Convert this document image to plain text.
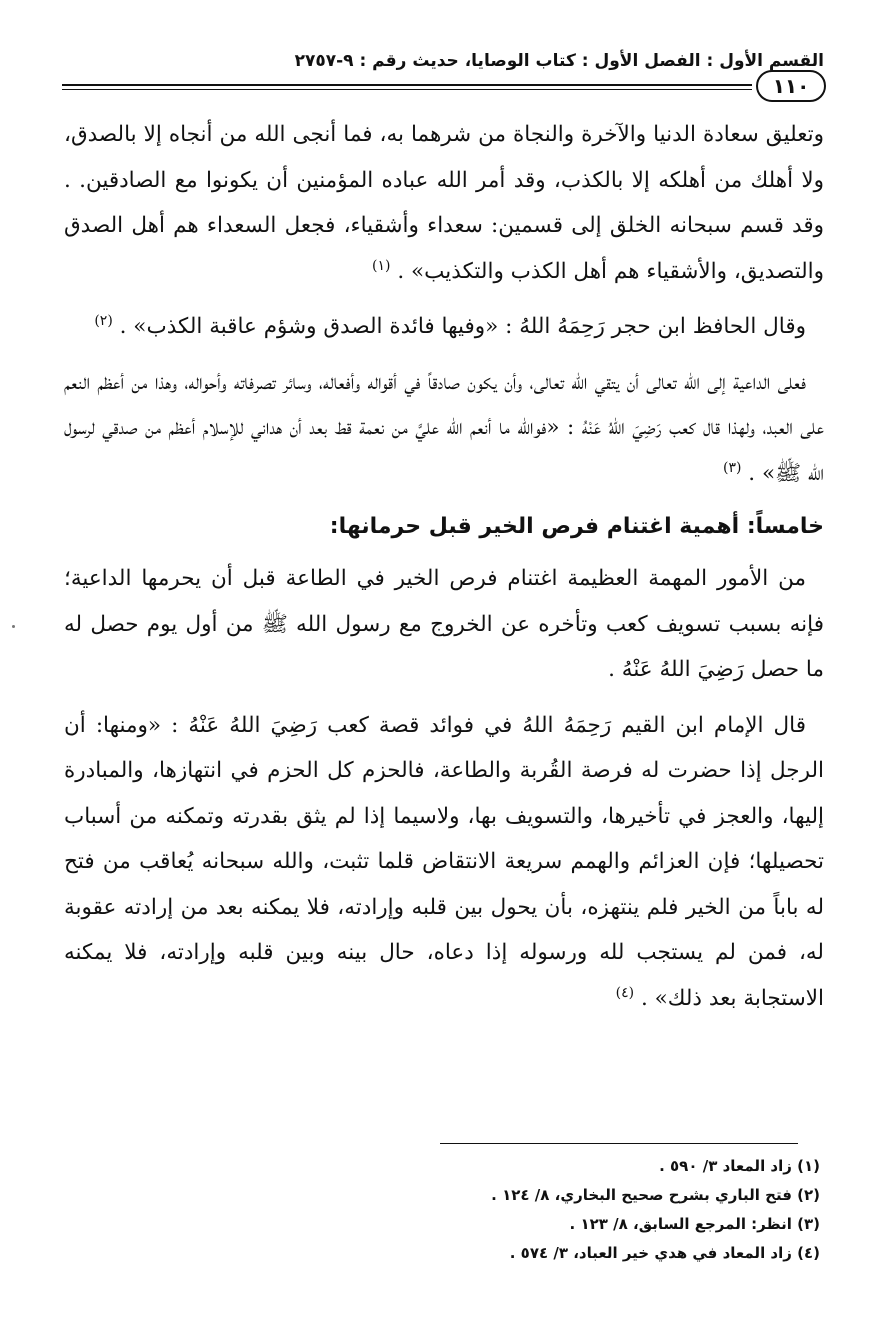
القسم الأول : الفصل الأول : كتاب الوصايا، حديث رقم : ٩-٢٧٥٧
١١٠

وتعليق سعادة الدنيا والآخرة والنجاة من شرهما به، فما أنجى الله من أنجاه إلا بالصدق، ولا أهلك من أهلكه إلا بالكذب، وقد أمر الله عباده المؤمنين أن يكونوا مع الصادقين. . وقد قسم سبحانه الخلق إلى قسمين: سعداء وأشقياء، فجعل السعداء هم أهل الصدق والتصديق، والأشقياء هم أهل الكذب والتكذيب» . $^{(١)}$

وقال الحافظ ابن حجر رَحِمَهُ اللهُ : «وفيها فائدة الصدق وشؤم عاقبة الكذب» . $^{(٢)}$

فعلى الداعية إلى الله تعالى أن يتقي الله تعالى، وأن يكون صادقاً في أقواله وأفعاله، وسائر تصرفاته وأحواله، وهذا من أعظم النعم على العبد، ولهذا قال كعب رَضِيَ اللهُ عَنْهُ : «فوالله ما أنعم الله عليَّ من نعمة قط بعد أن هداني للإسلام أعظم من صدقي لرسول الله ﷺ» . $^{(٣)}$

خامساً: أهمية اغتنام فرص الخير قبل حرمانها:

من الأمور المهمة العظيمة اغتنام فرص الخير في الطاعة قبل أن يحرمها الداعية؛ فإنه بسبب تسويف كعب وتأخره عن الخروج مع رسول الله ﷺ من أول يوم حصل له ما حصل رَضِيَ اللهُ عَنْهُ .

قال الإمام ابن القيم رَحِمَهُ اللهُ في فوائد قصة كعب رَضِيَ اللهُ عَنْهُ : «ومنها: أن الرجل إذا حضرت له فرصة القُربة والطاعة، فالحزم كل الحزم في انتهازها، والمبادرة إليها، والعجز في تأخيرها، والتسويف بها، ولاسيما إذا لم يثق بقدرته وتمكنه من أسباب تحصيلها؛ فإن العزائم والهمم سريعة الانتقاض قلما تثبت، والله سبحانه يُعاقب من فتح له باباً من الخير فلم ينتهزه، بأن يحول بين قلبه وإرادته، فلا يمكنه بعد من إرادته عقوبة له، فمن لم يستجب لله ورسوله إذا دعاه، حال بينه وبين قلبه وإرادته، فلا يمكنه الاستجابة بعد ذلك» . $^{(٤)}$

(١) زاد المعاد ٣/ ٥٩٠ .
(٢) فتح الباري بشرح صحيح البخاري، ٨/ ١٢٤ .
(٣) انظر: المرجع السابق، ٨/ ١٢٣ .
(٤) زاد المعاد في هدي خير العباد، ٣/ ٥٧٤ .
